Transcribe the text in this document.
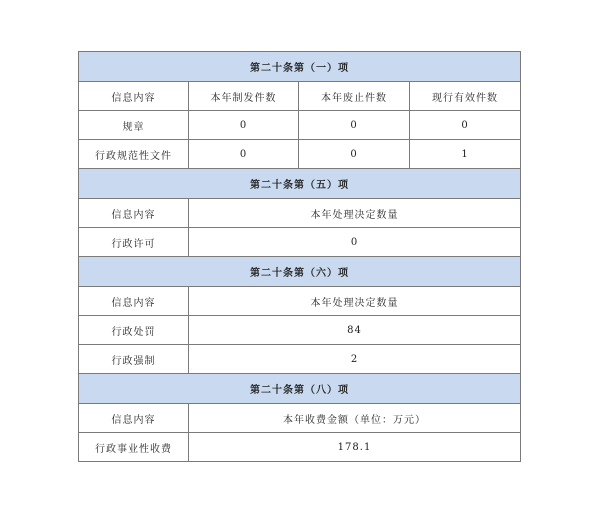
第二十条第（一）项			
信息内容	本年制发件数	本年废止件数	现行有效件数
规章	0	0	0
行政规范性文件	0	0	1
第二十条第（五）项			
信息内容	本年处理决定数量		
行政许可	0		
第二十条第（六）项			
信息内容	本年处理决定数量		
行政处罚	84		
行政强制	2		
第二十条第（八）项			
信息内容	本年收费金额（单位：万元）		
行政事业性收费	178.1		
